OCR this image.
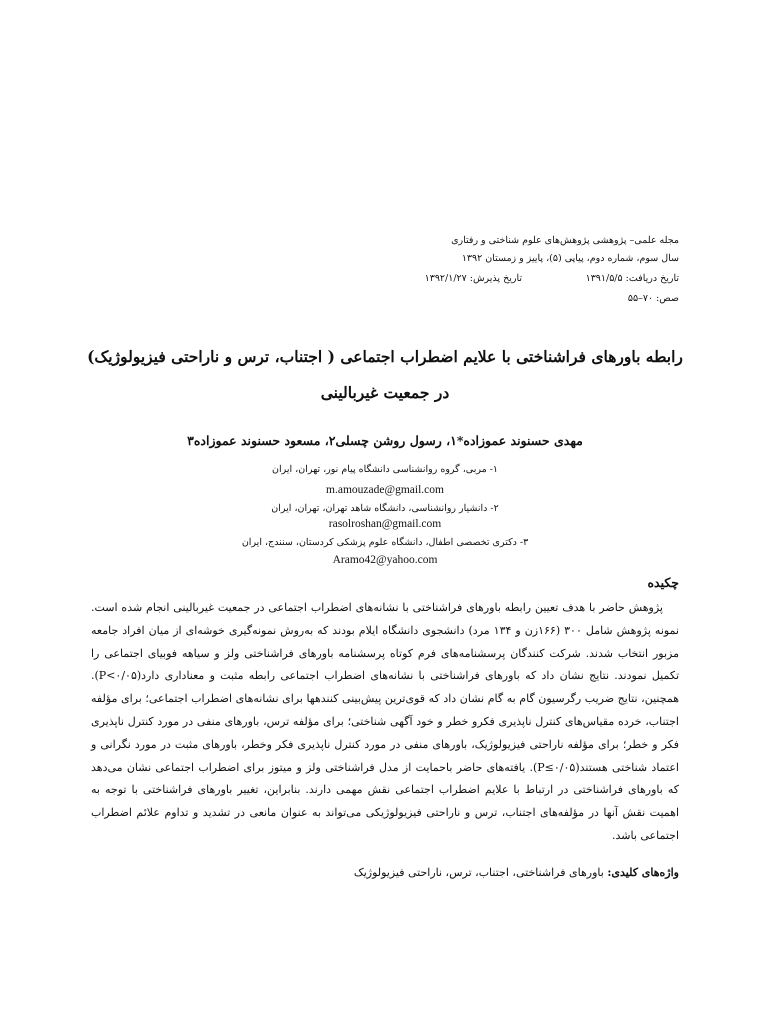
مجله علمی– پژوهشی پژوهش‌های علوم شناختی و رفتاری
سال سوم، شماره دوم، پیاپی (۵)، پاییز و زمستان ۱۳۹۲
تاریخ دریافت: ۱۳۹۱/۵/۵
تاریخ پذیرش: ۱۳۹۲/۱/۲۷
صص: ۷۰–۵۵
رابطه باورهای فراشناختی با علایم اضطراب اجتماعی ( اجتناب، ترس و ناراحتی فیزیولوژیک)
در جمعیت غیربالینی
مهدی حسنوند عموزاده*۱، رسول روشن چسلی۲، مسعود حسنوند عموزاده۳
۱- مربی، گروه روانشناسی دانشگاه پیام نور، تهران، ایران
m.amouzade@gmail.com
۲- دانشیار روانشناسی، دانشگاه شاهد تهران، تهران، ایران
rasolroshan@gmail.com
۳- دکتری تخصصی اطفال، دانشگاه علوم پزشکی کردستان، سنندج، ایران
Aramo42@yahoo.com
چکیده

پژوهش حاضر با هدف تعیین رابطه باورهای فراشناختی با نشانه‌های اضطراب اجتماعی در جمعیت غیربالینی انجام شده است. نمونه پژوهش شامل ۳۰۰ (۱۶۶زن و ۱۳۴ مرد) دانشجوی دانشگاه ایلام بودند که به‌روش نمونه‌گیری خوشه‌ای از میان افراد جامعه مزبور انتخاب شدند. شرکت کنندگان پرسشنامه‌های فرم کوتاه پرسشنامه باورهای فراشناختی ولز و سیاهه فوبیای اجتماعی را تکمیل نمودند. نتایج نشان داد که باورهای فراشناختی با نشانه‌های اضطراب اجتماعی رابطه مثبت و معناداری دارد(P<۰/۰۵). همچنین، نتایج ضریب رگرسیون گام به گام نشان داد که قوی‌ترین پیش‌بینی کنندهها برای نشانه‌های اضطراب اجتماعی؛ برای مؤلفه اجتناب، خرده مقیاس‌های کنترل ناپذیری فکرو خطر و خود آگهی شناختی؛ برای مؤلفه ترس، باورهای منفی در مورد کنترل ناپذیری فکر و خطر؛ برای مؤلفه ناراحتی فیزیولوژیک، باورهای منفی در مورد کنترل ناپذیری فکر وخطر، باورهای مثبت در مورد نگرانی و اعتماد شناختی هستند(P≤۰/۰۵). یافته‌های حاضر باحمایت از مدل فراشناختی ولز و میتوز برای اضطراب اجتماعی نشان می‌دهد که باورهای فراشناختی در ارتباط با علایم اضطراب اجتماعی نقش مهمی دارند. بنابراین، تغییر باورهای فراشناختی با توجه به اهمیت نقش آنها در مؤلفه‌های اجتناب، ترس و ناراحتی فیزیولوژیکی می‌تواند به عنوان مانعی در تشدید و تداوم علائم اضطراب اجتماعی باشد.

واژه‌های کلیدی: باورهای فراشناختی، اجتناب، ترس، ناراحتی فیزیولوژیک
